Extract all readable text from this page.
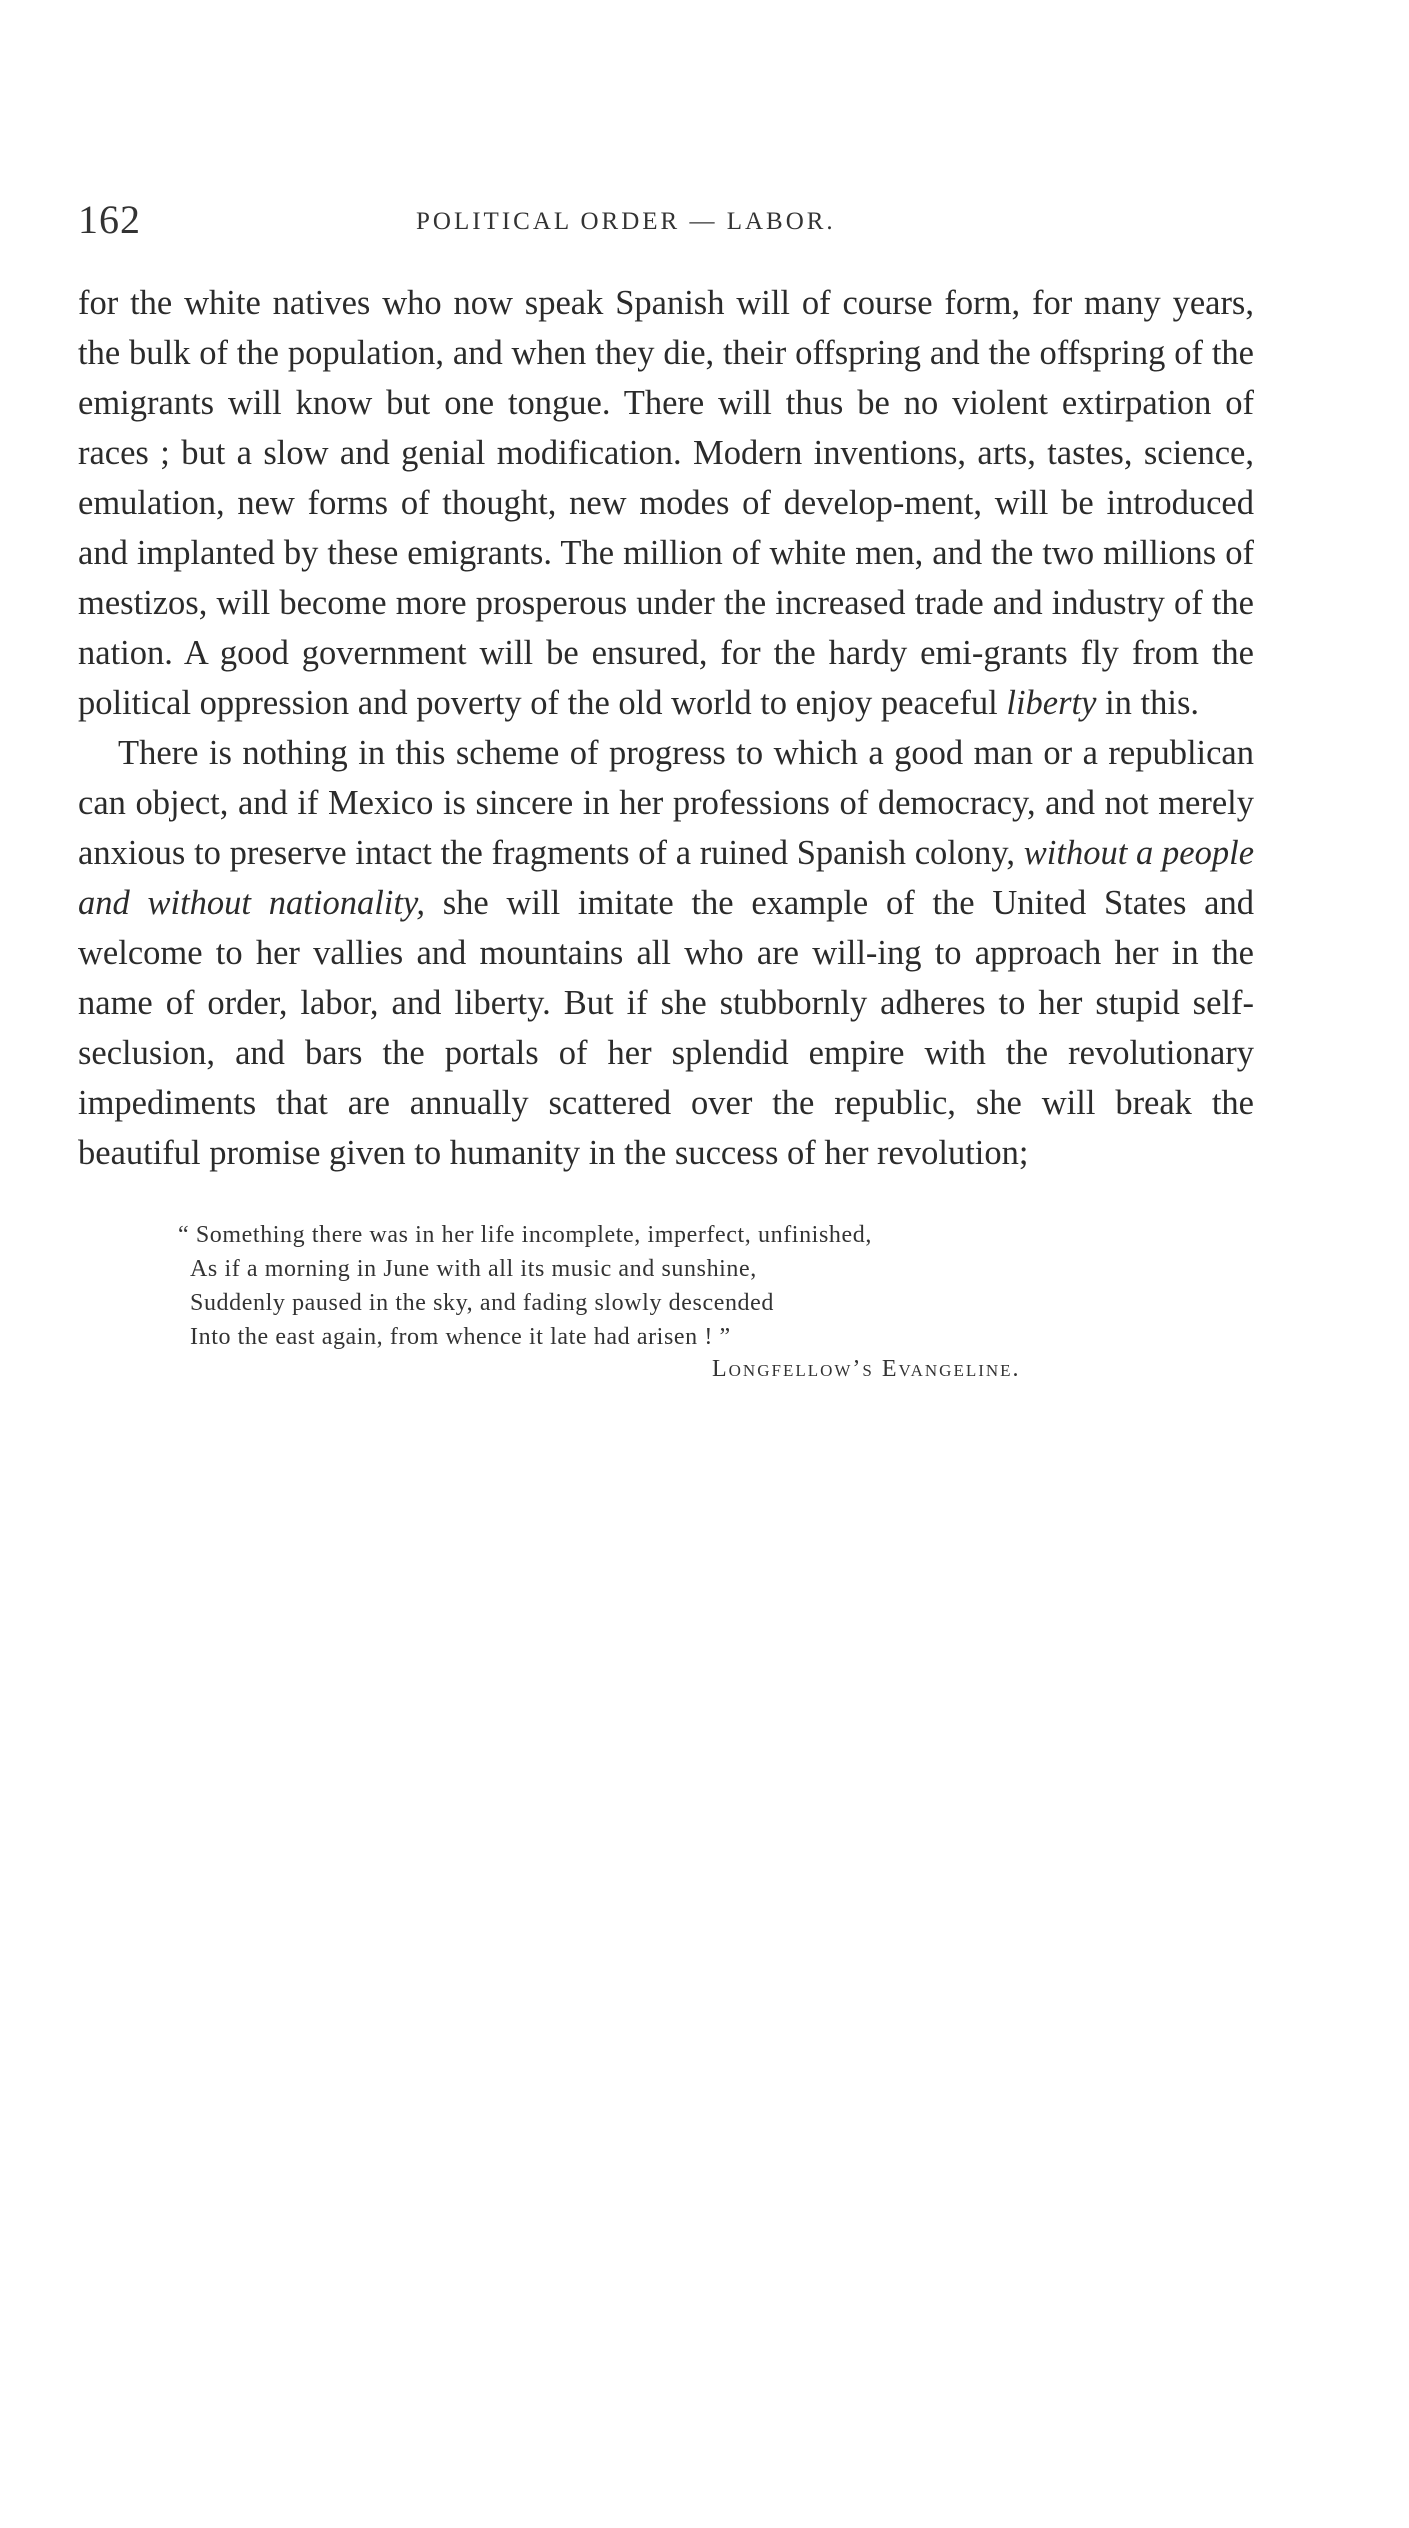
162	POLITICAL ORDER — LABOR.

for the white natives who now speak Spanish will of course form, for many years, the bulk of the population, and when they die, their offspring and the offspring of the emigrants will know but one tongue. There will thus be no violent extirpation of races ; but a slow and genial modification. Modern inventions, arts, tastes, science, emulation, new forms of thought, new modes of develop-ment, will be introduced and implanted by these emigrants. The million of white men, and the two millions of mestizos, will become more prosperous under the increased trade and industry of the nation. A good government will be ensured, for the hardy emi-grants fly from the political oppression and poverty of the old world to enjoy peaceful liberty in this.

There is nothing in this scheme of progress to which a good man or a republican can object, and if Mexico is sincere in her professions of democracy, and not merely anxious to preserve intact the fragments of a ruined Spanish colony, without a people and without nationality, she will imitate the example of the United States and welcome to her vallies and mountains all who are will-ing to approach her in the name of order, labor, and liberty. But if she stubbornly adheres to her stupid self-seclusion, and bars the portals of her splendid empire with the revolutionary impediments that are annually scattered over the republic, she will break the beautiful promise given to humanity in the success of her revolution;

“ Something there was in her life incomplete, imperfect, unfinished,
As if a morning in June with all its music and sunshine,
Suddenly paused in the sky, and fading slowly descended
Into the east again, from whence it late had arisen ! ”
Longfellow’s Evangeline.
